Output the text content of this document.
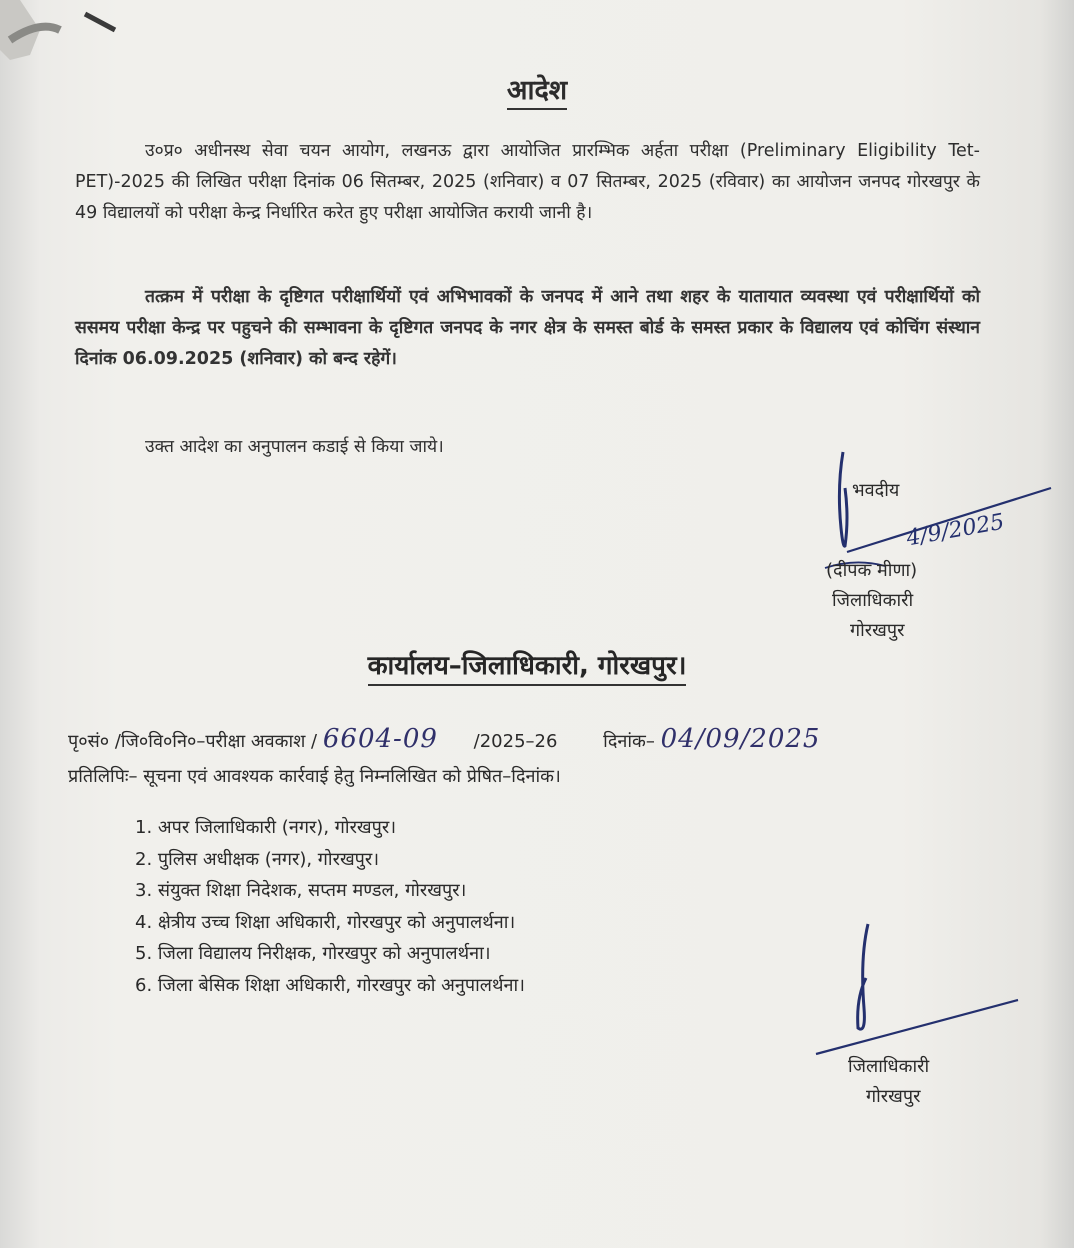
आदेश
उ०प्र० अधीनस्थ सेवा चयन आयोग, लखनऊ द्वारा आयोजित प्रारम्भिक अर्हता परीक्षा (Preliminary Eligibility Tet-PET)-2025 की लिखित परीक्षा दिनांक 06 सितम्बर, 2025 (शनिवार) व 07 सितम्बर, 2025 (रविवार) का आयोजन जनपद गोरखपुर के 49 विद्यालयों को परीक्षा केन्द्र निर्धारित करेत हुए परीक्षा आयोजित करायी जानी है।
तत्क्रम में परीक्षा के दृष्टिगत परीक्षार्थियों एवं अभिभावकों के जनपद में आने तथा शहर के यातायात व्यवस्था एवं परीक्षार्थियों को ससमय परीक्षा केन्द्र पर पहुचने की सम्भावना के दृष्टिगत जनपद के नगर क्षेत्र के समस्त बोर्ड के समस्त प्रकार के विद्यालय एवं कोचिंग संस्थान दिनांक 06.09.2025 (शनिवार) को बन्द रहेगें।
उक्त आदेश का अनुपालन कडाई से किया जाये।
भवदीय
4/9/2025
(दीपक मीणा)
जिलाधिकारी
गोरखपुर
कार्यालय–जिलाधिकारी, गोरखपुर।
पृ०सं० /जि०वि०नि०–परीक्षा अवकाश / 6604-09 /2025–26	दिनांक– 04/09/2025
प्रतिलिपिः– सूचना एवं आवश्यक कार्रवाई हेतु निम्नलिखित को प्रेषित–दिनांक।
1. अपर जिलाधिकारी (नगर), गोरखपुर।
2. पुलिस अधीक्षक (नगर), गोरखपुर।
3. संयुक्त शिक्षा निदेशक, सप्तम मण्डल, गोरखपुर।
4. क्षेत्रीय उच्च शिक्षा अधिकारी, गोरखपुर को अनुपालर्थना।
5. जिला विद्यालय निरीक्षक, गोरखपुर को अनुपालर्थना।
6. जिला बेसिक शिक्षा अधिकारी, गोरखपुर को अनुपालर्थना।
जिलाधिकारी
गोरखपुर
